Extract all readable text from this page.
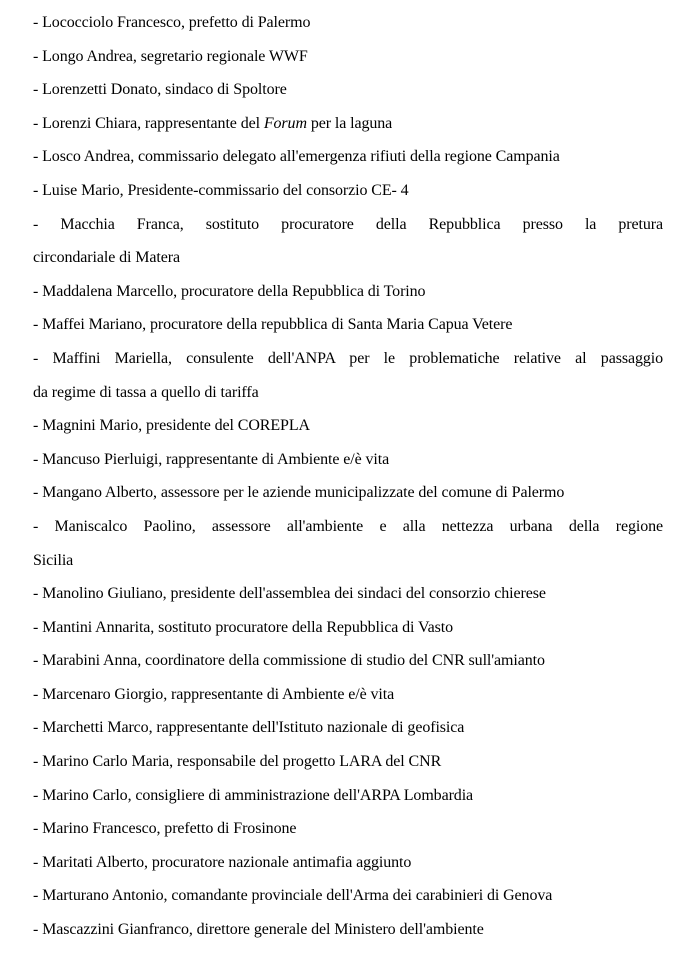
- Lococciolo Francesco, prefetto di Palermo
- Longo Andrea, segretario regionale WWF
- Lorenzetti Donato, sindaco di Spoltore
- Lorenzi Chiara, rappresentante del Forum per la laguna
- Losco Andrea, commissario delegato all'emergenza rifiuti della regione Campania
- Luise Mario, Presidente-commissario del consorzio CE- 4
- Macchia Franca, sostituto procuratore della Repubblica presso la pretura
circondariale di Matera
- Maddalena Marcello, procuratore della Repubblica di Torino
- Maffei Mariano, procuratore della repubblica di Santa Maria Capua Vetere
- Maffini Mariella, consulente dell'ANPA per le problematiche relative al passaggio
da regime di tassa a quello di tariffa
- Magnini Mario, presidente del COREPLA
- Mancuso Pierluigi, rappresentante di Ambiente e/è vita
- Mangano Alberto, assessore per le aziende municipalizzate del comune di Palermo
- Maniscalco Paolino, assessore all'ambiente e alla nettezza urbana della regione
Sicilia
- Manolino Giuliano, presidente dell'assemblea dei sindaci del consorzio chierese
- Mantini Annarita, sostituto procuratore della Repubblica di Vasto
- Marabini Anna, coordinatore della commissione di studio del CNR sull'amianto
- Marcenaro Giorgio, rappresentante di Ambiente e/è vita
- Marchetti Marco, rappresentante dell'Istituto nazionale di geofisica
- Marino Carlo Maria, responsabile del progetto LARA del CNR
- Marino Carlo, consigliere di amministrazione dell'ARPA Lombardia
- Marino Francesco, prefetto di Frosinone
- Maritati Alberto, procuratore nazionale antimafia aggiunto
- Marturano Antonio, comandante provinciale dell'Arma dei carabinieri di Genova
- Mascazzini Gianfranco, direttore generale del Ministero dell'ambiente
